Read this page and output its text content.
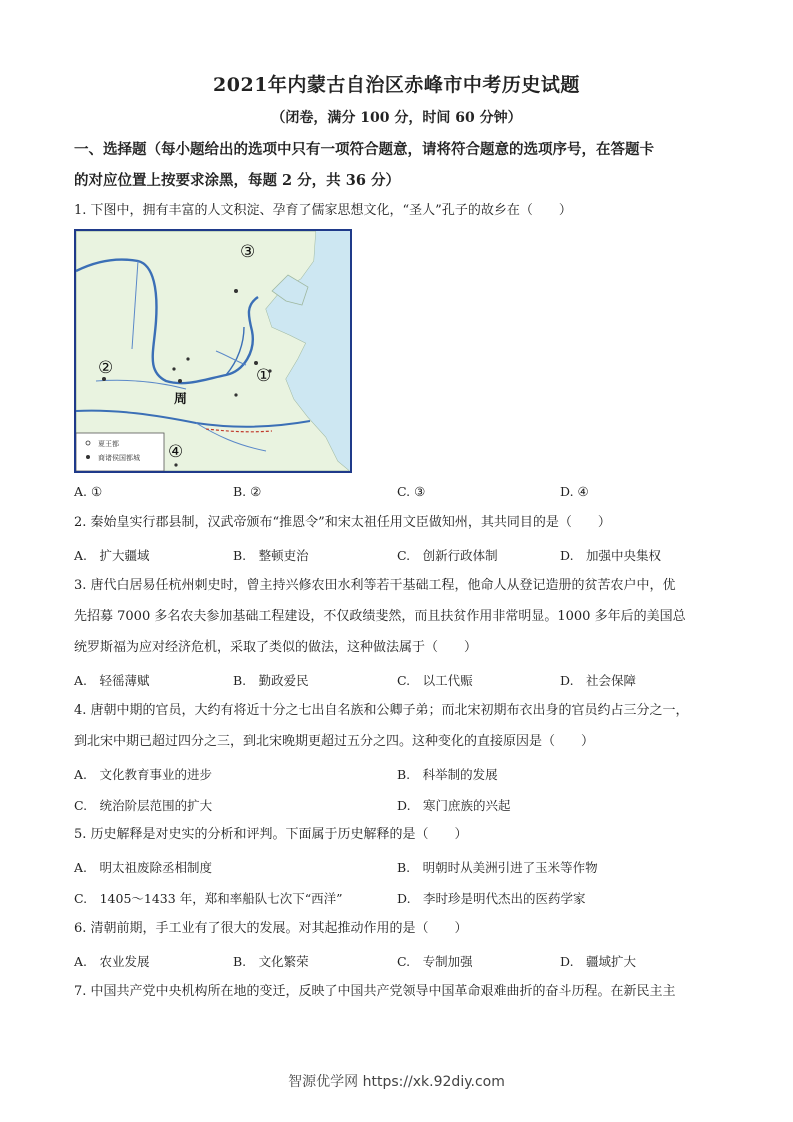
2021年内蒙古自治区赤峰市中考历史试题
（闭卷，满分 100 分，时间 60 分钟）
一、选择题（每小题给出的选项中只有一项符合题意，请将符合题意的选项序号，在答题卡
的对应位置上按要求涂黑，每题 2 分，共 36 分）
1. 下图中，拥有丰富的人文积淀、孕育了儒家思想文化，“圣人”孔子的故乡在（　　）
③
①
②
周
④
夏王都
商诸侯国都城
A. ①	B. ②	C. ③	D. ④
2. 秦始皇实行郡县制，汉武帝颁布“推恩令”和宋太祖任用文臣做知州，其共同目的是（　　）
A.　扩大疆域	B.　整顿吏治	C.　创新行政体制	D.　加强中央集权
3. 唐代白居易任杭州刺史时，曾主持兴修农田水利等若干基础工程，他命人从登记造册的贫苦农户中，优
先招募 7000 多名农夫参加基础工程建设，不仅政绩斐然，而且扶贫作用非常明显。1000 多年后的美国总
统罗斯福为应对经济危机，采取了类似的做法，这种做法属于（　　）
A.　轻徭薄赋	B.　勤政爱民	C.　以工代赈	D.　社会保障
4. 唐朝中期的官员，大约有将近十分之七出自名族和公卿子弟；而北宋初期布衣出身的官员约占三分之一，
到北宋中期已超过四分之三，到北宋晚期更超过五分之四。这种变化的直接原因是（　　）
A.　文化教育事业的进步	B.　科举制的发展
C.　统治阶层范围的扩大	D.　寒门庶族的兴起
5. 历史解释是对史实的分析和评判。下面属于历史解释的是（　　）
A.　明太祖废除丞相制度	B.　明朝时从美洲引进了玉米等作物
C.　1405～1433 年，郑和率船队七次下“西洋”	D.　李时珍是明代杰出的医药学家
6. 清朝前期，手工业有了很大的发展。对其起推动作用的是（　　）
A.　农业发展	B.　文化繁荣	C.　专制加强	D.　疆域扩大
7. 中国共产党中央机构所在地的变迁，反映了中国共产党领导中国革命艰难曲折的奋斗历程。在新民主主
智源优学网 https://xk.92diy.com
